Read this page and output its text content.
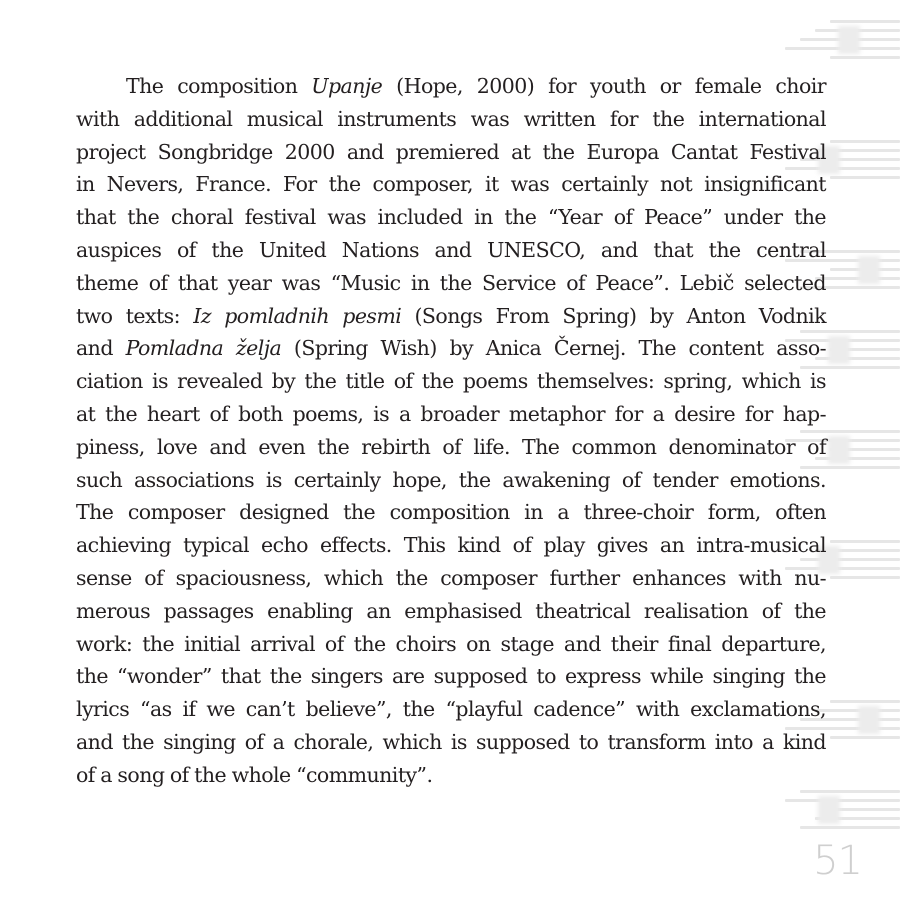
The composition Upanje (Hope, 2000) for youth or female choir
with additional musical instruments was written for the international
project Songbridge 2000 and premiered at the Europa Cantat Festival
in Nevers, France. For the composer, it was certainly not insignificant
that the choral festival was included in the “Year of Peace” under the
auspices of the United Nations and UNESCO, and that the central
theme of that year was “Music in the Service of Peace”. Lebič selected
two texts: Iz pomladnih pesmi (Songs From Spring) by Anton Vodnik
and Pomladna želja (Spring Wish) by Anica Černej. The content asso-
ciation is revealed by the title of the poems themselves: spring, which is
at the heart of both poems, is a broader metaphor for a desire for hap-
piness, love and even the rebirth of life. The common denominator of
such associations is certainly hope, the awakening of tender emotions.
The composer designed the composition in a three-choir form, often
achieving typical echo effects. This kind of play gives an intra-musical
sense of spaciousness, which the composer further enhances with nu-
merous passages enabling an emphasised theatrical realisation of the
work: the initial arrival of the choirs on stage and their final departure,
the “wonder” that the singers are supposed to express while singing the
lyrics “as if we can’t believe”, the “playful cadence” with exclamations,
and the singing of a chorale, which is supposed to transform into a kind
of a song of the whole “community”.
51
